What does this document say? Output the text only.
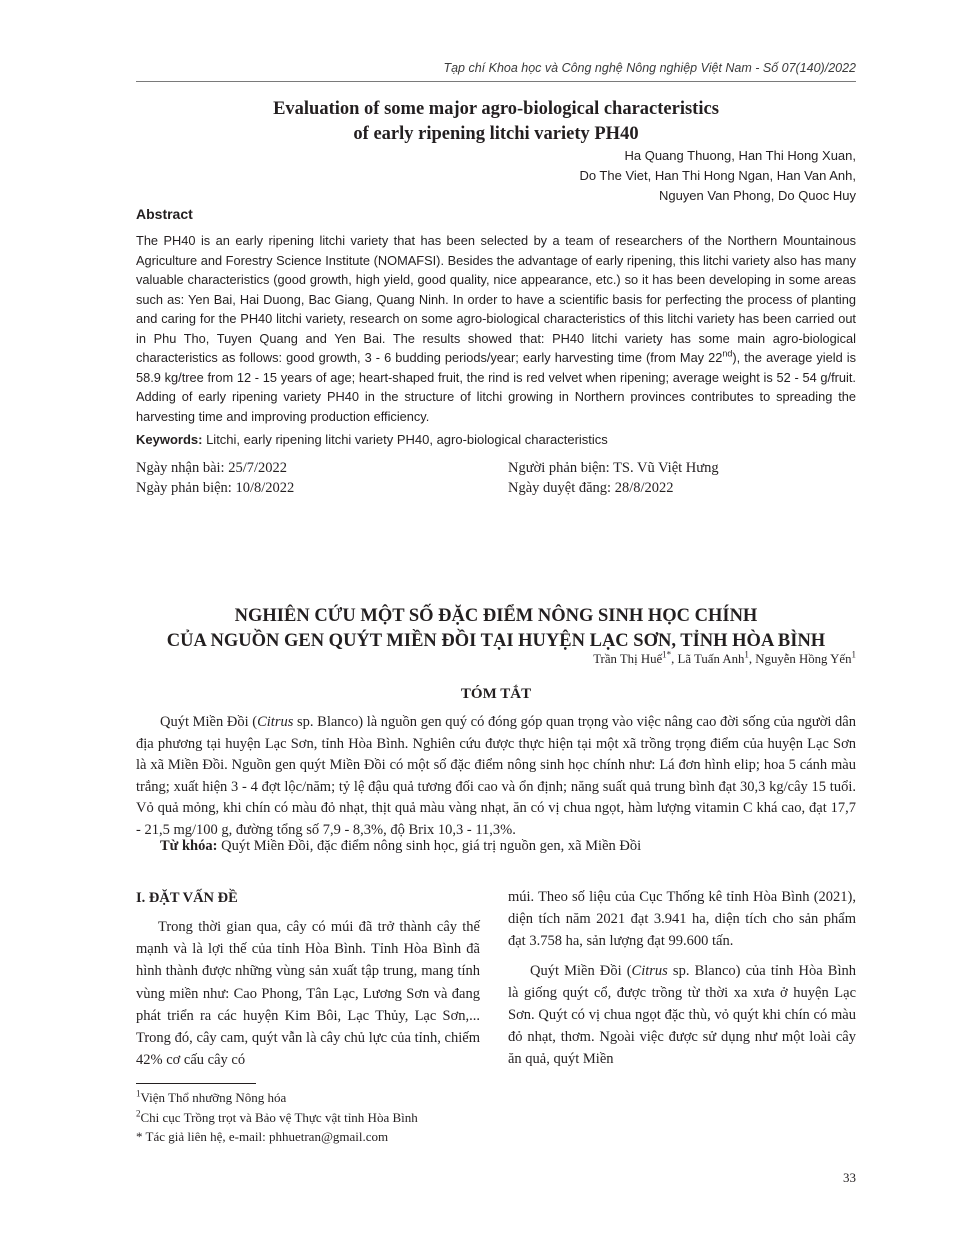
Tạp chí Khoa học và Công nghệ Nông nghiệp Việt Nam - Số 07(140)/2022
Evaluation of some major agro-biological characteristics
of early ripening litchi variety PH40
Ha Quang Thuong, Han Thi Hong Xuan,
Do The Viet, Han Thi Hong Ngan, Han Van Anh,
Nguyen Van Phong, Do Quoc Huy
Abstract

The PH40 is an early ripening litchi variety that has been selected by a team of researchers of the Northern Mountainous Agriculture and Forestry Science Institute (NOMAFSI). Besides the advantage of early ripening, this litchi variety also has many valuable characteristics (good growth, high yield, good quality, nice appearance, etc.) so it has been developing in some areas such as: Yen Bai, Hai Duong, Bac Giang, Quang Ninh. In order to have a scientific basis for perfecting the process of planting and caring for the PH40 litchi variety, research on some agro-biological characteristics of this litchi variety has been carried out in Phu Tho, Tuyen Quang and Yen Bai. The results showed that: PH40 litchi variety has some main agro-biological characteristics as follows: good growth, 3 - 6 budding periods/year; early harvesting time (from May 22nd), the average yield is 58.9 kg/tree from 12 - 15 years of age; heart-shaped fruit, the rind is red velvet when ripening; average weight is 52 - 54 g/fruit. Adding of early ripening variety PH40 in the structure of litchi growing in Northern provinces contributes to spreading the harvesting time and improving production efficiency.

Keywords: Litchi, early ripening litchi variety PH40, agro-biological characteristics
Ngày nhận bài: 25/7/2022
Ngày phản biện: 10/8/2022
Người phản biện: TS. Vũ Việt Hưng
Ngày duyệt đăng: 28/8/2022
NGHIÊN CỨU MỘT SỐ ĐẶC ĐIỂM NÔNG SINH HỌC CHÍNH
CỦA NGUỒN GEN QUÝT MIỀN ĐỒI TẠI HUYỆN LẠC SƠN, TỈNH HÒA BÌNH
Trần Thị Huế$^{1*}$, Lã Tuấn Anh$^1$, Nguyễn Hồng Yến$^1$
TÓM TẮT

Quýt Miền Đồi (Citrus sp. Blanco) là nguồn gen quý có đóng góp quan trọng vào việc nâng cao đời sống của người dân địa phương tại huyện Lạc Sơn, tỉnh Hòa Bình. Nghiên cứu được thực hiện tại một xã trồng trọng điểm của huyện Lạc Sơn là xã Miền Đồi. Nguồn gen quýt Miền Đồi có một số đặc điểm nông sinh học chính như: Lá đơn hình elip; hoa 5 cánh màu trắng; xuất hiện 3 - 4 đợt lộc/năm; tỷ lệ đậu quả tương đối cao và ổn định; năng suất quả trung bình đạt 30,3 kg/cây 15 tuổi. Vỏ quả mỏng, khi chín có màu đỏ nhạt, thịt quả màu vàng nhạt, ăn có vị chua ngọt, hàm lượng vitamin C khá cao, đạt 17,7 - 21,5 mg/100 g, đường tổng số 7,9 - 8,3%, độ Brix 10,3 - 11,3%.

Từ khóa: Quýt Miền Đồi, đặc điểm nông sinh học, giá trị nguồn gen, xã Miền Đồi
I. ĐẶT VẤN ĐỀ

Trong thời gian qua, cây có múi đã trở thành cây thế mạnh và là lợi thế của tỉnh Hòa Bình. Tỉnh Hòa Bình đã hình thành được những vùng sản xuất tập trung, mang tính vùng miền như: Cao Phong, Tân Lạc, Lương Sơn và đang phát triển ra các huyện Kim Bôi, Lạc Thủy, Lạc Sơn,... Trong đó, cây cam, quýt vẫn là cây chủ lực của tỉnh, chiếm 42% cơ cấu cây có

múi. Theo số liệu của Cục Thống kê tỉnh Hòa Bình (2021), diện tích năm 2021 đạt 3.941 ha, diện tích cho sản phẩm đạt 3.758 ha, sản lượng đạt 99.600 tấn.

Quýt Miền Đồi (Citrus sp. Blanco) của tỉnh Hòa Bình là giống quýt cổ, được trồng từ thời xa xưa ở huyện Lạc Sơn. Quýt có vị chua ngọt đặc thù, vỏ quýt khi chín có màu đỏ nhạt, thơm. Ngoài việc được sử dụng như một loài cây ăn quả, quýt Miền

$^1$Viện Thổ nhưỡng Nông hóa
$^2$Chi cục Trồng trọt và Bảo vệ Thực vật tỉnh Hòa Bình
* Tác giả liên hệ, e-mail: phhuetran@gmail.com
33
